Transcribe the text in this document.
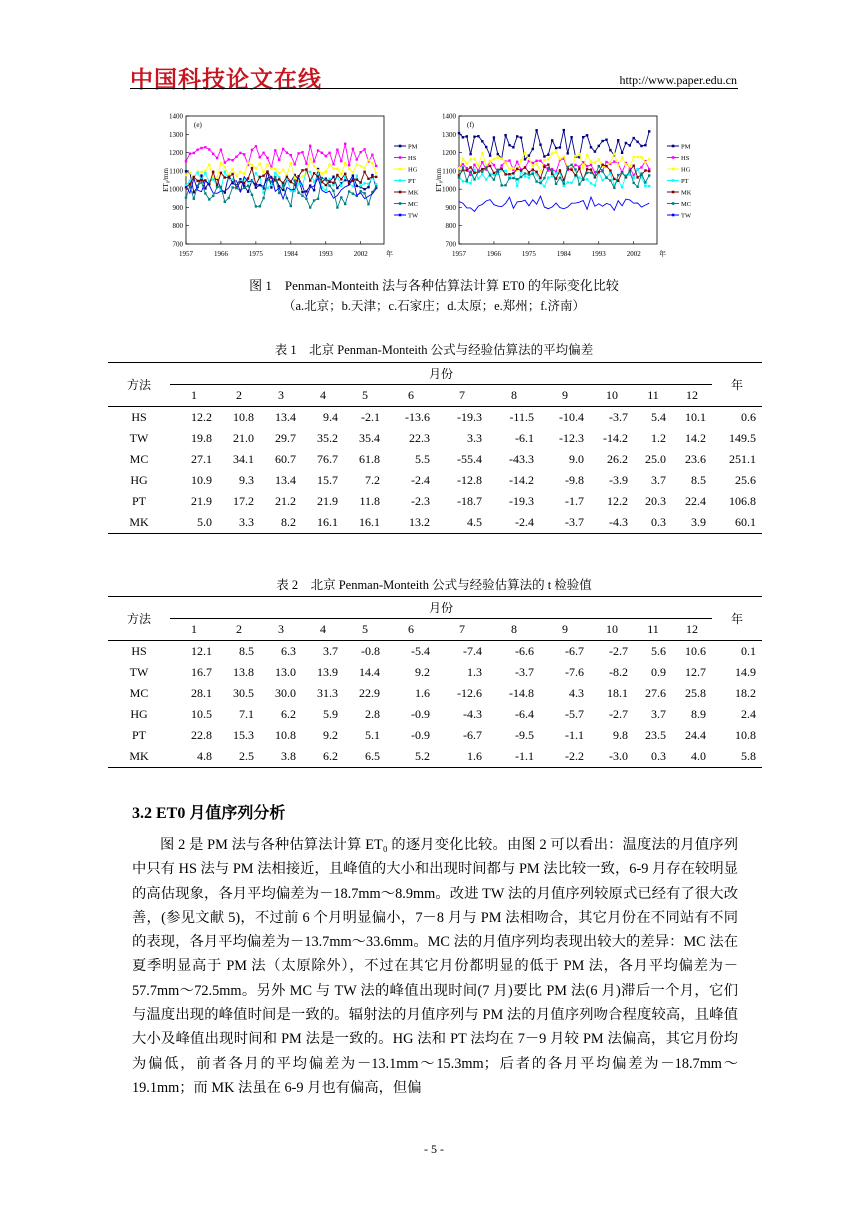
中国科技论文在线	http://www.paper.edu.cn
700
800
900
1000
1100
1200
1300
1400
1957	1966	1975	1984	1993	2002	年
ET₀/mm
(e)
PM
HS
HG
PT
MK
MC
TW
700
800
900
1000
1100
1200
1300
1400
1957	1966	1975	1984	1993	2002	年
ET₀/mm
(f)
PM
HS
HG
PT
MK
MC
TW
图 1　Penman-Monteith 法与各种估算法计算 ET0 的年际变化比较
（a.北京；b.天津；c.石家庄；d.太原；e.郑州；f.济南）
表 1　北京 Penman-Monteith 公式与经验估算法的平均偏差
方法	月份												年
	1	2	3	4	5	6	7	8	9	10	11	12	
HS	12.2	10.8	13.4	9.4	-2.1	-13.6	-19.3	-11.5	-10.4	-3.7	5.4	10.1	0.6
TW	19.8	21.0	29.7	35.2	35.4	22.3	3.3	-6.1	-12.3	-14.2	1.2	14.2	149.5
MC	27.1	34.1	60.7	76.7	61.8	5.5	-55.4	-43.3	9.0	26.2	25.0	23.6	251.1
HG	10.9	9.3	13.4	15.7	7.2	-2.4	-12.8	-14.2	-9.8	-3.9	3.7	8.5	25.6
PT	21.9	17.2	21.2	21.9	11.8	-2.3	-18.7	-19.3	-1.7	12.2	20.3	22.4	106.8
MK	5.0	3.3	8.2	16.1	16.1	13.2	4.5	-2.4	-3.7	-4.3	0.3	3.9	60.1
表 2　北京 Penman-Monteith 公式与经验估算法的 t 检验值
方法	月份												年
	1	2	3	4	5	6	7	8	9	10	11	12	
HS	12.1	8.5	6.3	3.7	-0.8	-5.4	-7.4	-6.6	-6.7	-2.7	5.6	10.6	0.1
TW	16.7	13.8	13.0	13.9	14.4	9.2	1.3	-3.7	-7.6	-8.2	0.9	12.7	14.9
MC	28.1	30.5	30.0	31.3	22.9	1.6	-12.6	-14.8	4.3	18.1	27.6	25.8	18.2
HG	10.5	7.1	6.2	5.9	2.8	-0.9	-4.3	-6.4	-5.7	-2.7	3.7	8.9	2.4
PT	22.8	15.3	10.8	9.2	5.1	-0.9	-6.7	-9.5	-1.1	9.8	23.5	24.4	10.8
MK	4.8	2.5	3.8	6.2	6.5	5.2	1.6	-1.1	-2.2	-3.0	0.3	4.0	5.8
3.2 ET0 月值序列分析
图 2 是 PM 法与各种估算法计算 ET₀ 的逐月变化比较。由图 2 可以看出：温度法的月值序列中只有 HS 法与 PM 法相接近，且峰值的大小和出现时间都与 PM 法比较一致，6-9 月存在较明显的高估现象，各月平均偏差为－18.7mm～8.9mm。改进 TW 法的月值序列较原式已经有了很大改善，(参见文献 5)，不过前 6 个月明显偏小，7－8 月与 PM 法相吻合，其它月份在不同站有不同的表现，各月平均偏差为－13.7mm～33.6mm。MC 法的月值序列均表现出较大的差异：MC 法在夏季明显高于 PM 法（太原除外），不过在其它月份都明显的低于 PM 法，各月平均偏差为－57.7mm～72.5mm。另外 MC 与 TW 法的峰值出现时间(7 月)要比 PM 法(6 月)滞后一个月，它们与温度出现的峰值时间是一致的。辐射法的月值序列与 PM 法的月值序列吻合程度较高，且峰值大小及峰值出现时间和 PM 法是一致的。HG 法和 PT 法均在 7－9 月较 PM 法偏高，其它月份均为偏低，前者各月的平均偏差为－13.1mm～15.3mm；后者的各月平均偏差为－18.7mm～19.1mm；而 MK 法虽在 6-9 月也有偏高，但偏
- 5 -
